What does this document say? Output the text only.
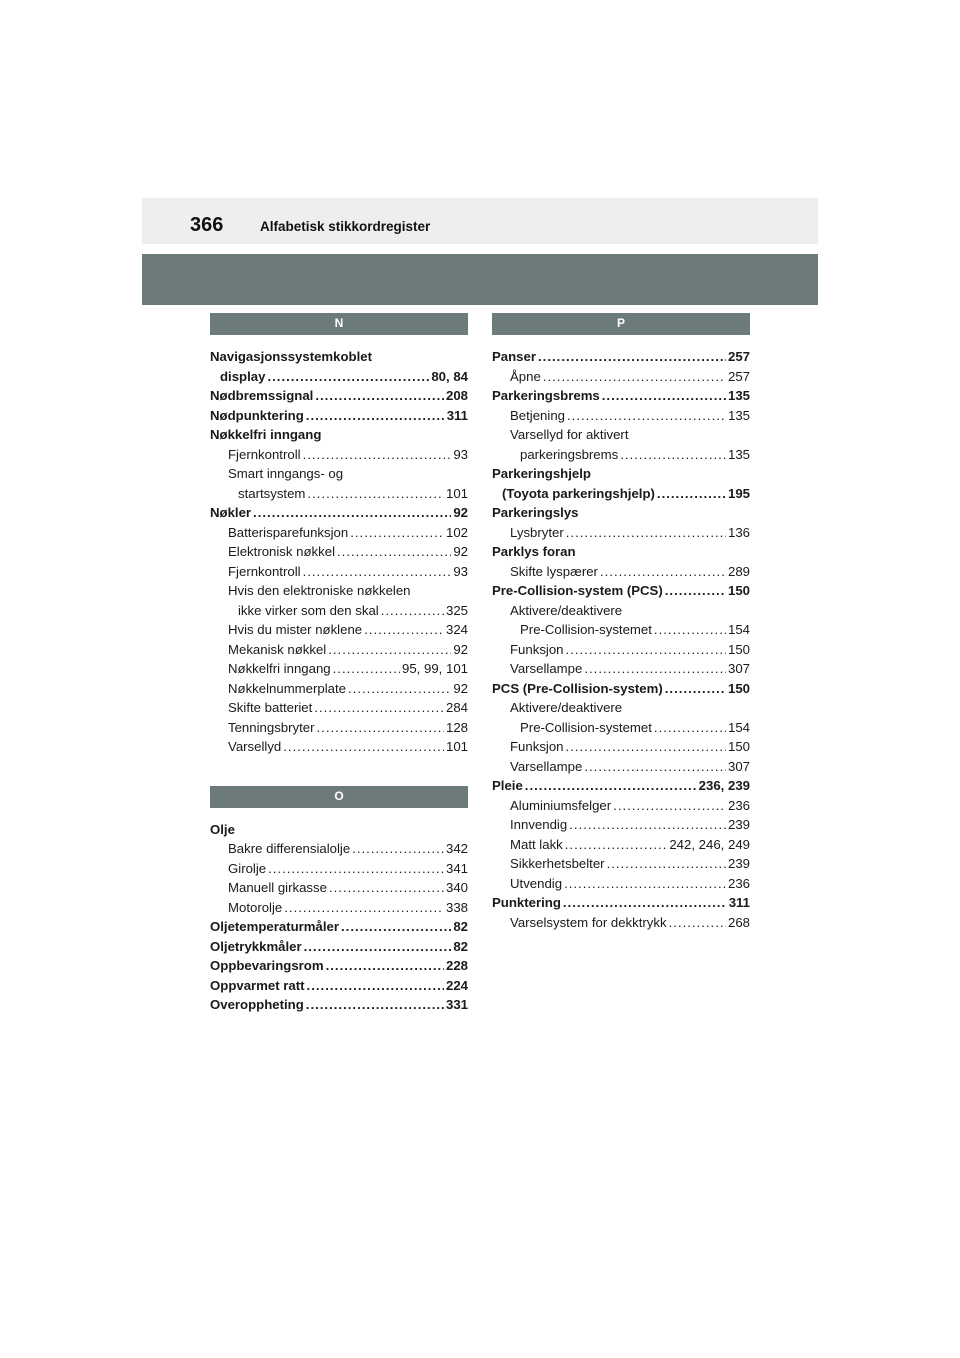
366	Alfabetisk stikkordregister
N
Navigasjonssystemkoblet
display .....	80, 84
Nødbremssignal .....	208
Nødpunktering .....	311
Nøkkelfri inngang
Fjernkontroll .....	93
Smart inngangs- og
startsystem .....	101
Nøkler .....	92
Batterisparefunksjon .....	102
Elektronisk nøkkel .....	92
Fjernkontroll .....	93
Hvis den elektroniske nøkkelen
ikke virker som den skal .....	325
Hvis du mister nøklene .....	324
Mekanisk nøkkel .....	92
Nøkkelfri inngang .....	95, 99, 101
Nøkkelnummerplate .....	92
Skifte batteriet .....	284
Tenningsbryter .....	128
Varsellyd .....	101
O
Olje
Bakre differensialolje .....	342
Girolje .....	341
Manuell girkasse .....	340
Motorolje .....	338
Oljetemperaturmåler .....	82
Oljetrykkmåler .....	82
Oppbevaringsrom .....	228
Oppvarmet ratt .....	224
Overoppheting .....	331
P
Panser .....	257
Åpne .....	257
Parkeringsbrems .....	135
Betjening .....	135
Varsellyd for aktivert
parkeringsbrems .....	135
Parkeringshjelp
(Toyota parkeringshjelp) .....	195
Parkeringslys
Lysbryter .....	136
Parklys foran
Skifte lyspærer .....	289
Pre-Collision-system (PCS) .....	150
Aktivere/deaktivere
Pre-Collision-systemet .....	154
Funksjon .....	150
Varsellampe .....	307
PCS (Pre-Collision-system) .....	150
Aktivere/deaktivere
Pre-Collision-systemet .....	154
Funksjon .....	150
Varsellampe .....	307
Pleie .....	236, 239
Aluminiumsfelger .....	236
Innvendig .....	239
Matt lakk .....	242, 246, 249
Sikkerhetsbelter .....	239
Utvendig .....	236
Punktering .....	311
Varselsystem for dekktrykk .....	268
